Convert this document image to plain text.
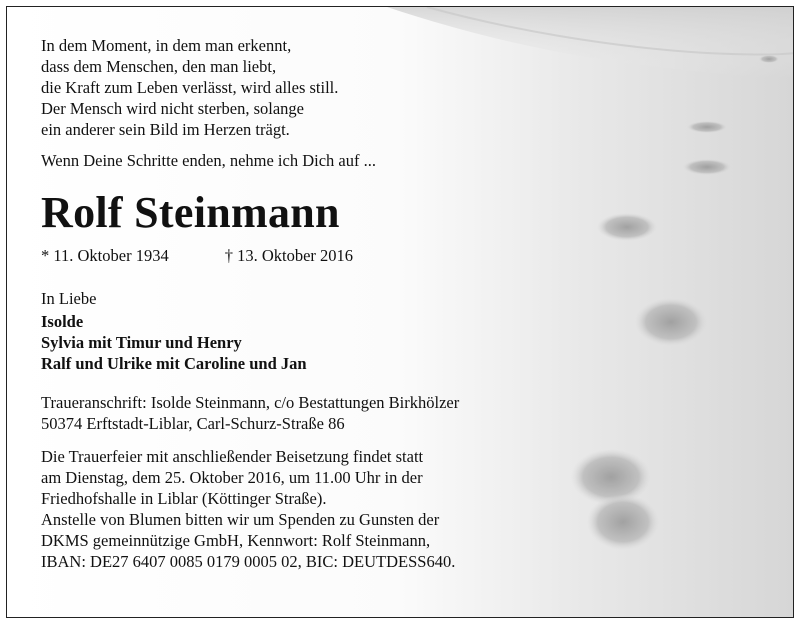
In dem Moment, in dem man erkennt,

dass dem Menschen, den man liebt,

die Kraft zum Leben verlässt, wird alles still.

Der Mensch wird nicht sterben, solange

ein anderer sein Bild im Herzen trägt.

Wenn Deine Schritte enden, nehme ich Dich auf ...

Rolf Steinmann
* 11. Oktober 1934	† 13. Oktober 2016
In Liebe

Isolde

Sylvia mit Timur und Henry

Ralf und Ulrike mit Caroline und Jan

Traueranschrift: Isolde Steinmann, c/o Bestattungen Birkhölzer

50374 Erftstadt-Liblar, Carl-Schurz-Straße 86

Die Trauerfeier mit anschließender Beisetzung findet statt

am Dienstag, dem 25. Oktober 2016, um 11.00 Uhr in der

Friedhofshalle in Liblar (Köttinger Straße).

Anstelle von Blumen bitten wir um Spenden zu Gunsten der

DKMS gemeinnützige GmbH, Kennwort: Rolf Steinmann,

IBAN: DE27 6407 0085 0179 0005 02, BIC: DEUTDESS640.
